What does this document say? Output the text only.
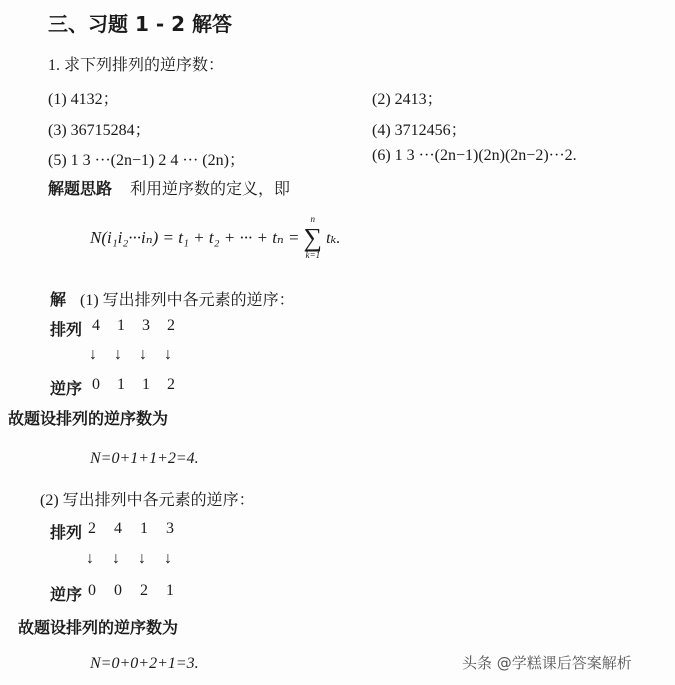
三、习题 1 - 2 解答
1. 求下列排列的逆序数：
(1) 4132；	(2) 2413；
(3) 36715284；	(4) 3712456；
(5) 1 3 ···(2n−1) 2 4 ··· (2n)；	(6) 1 3 ···(2n−1)(2n)(2n−2)···2.
解题思路 利用逆序数的定义，即
N(i₁i₂···iₙ) = t₁ + t₂ + ··· + tₙ =
n
∑
k=1
tₖ.
解 (1) 写出排列中各元素的逆序：
排列 4 1 3 2
↓ ↓ ↓ ↓
逆序 0 1 1 2
故题设排列的逆序数为
N=0+1+1+2=4.
(2) 写出排列中各元素的逆序：
排列 2 4 1 3
↓ ↓ ↓ ↓
逆序 0 0 2 1
故题设排列的逆序数为
N=0+0+2+1=3.	头条 @学糕课后答案解析
